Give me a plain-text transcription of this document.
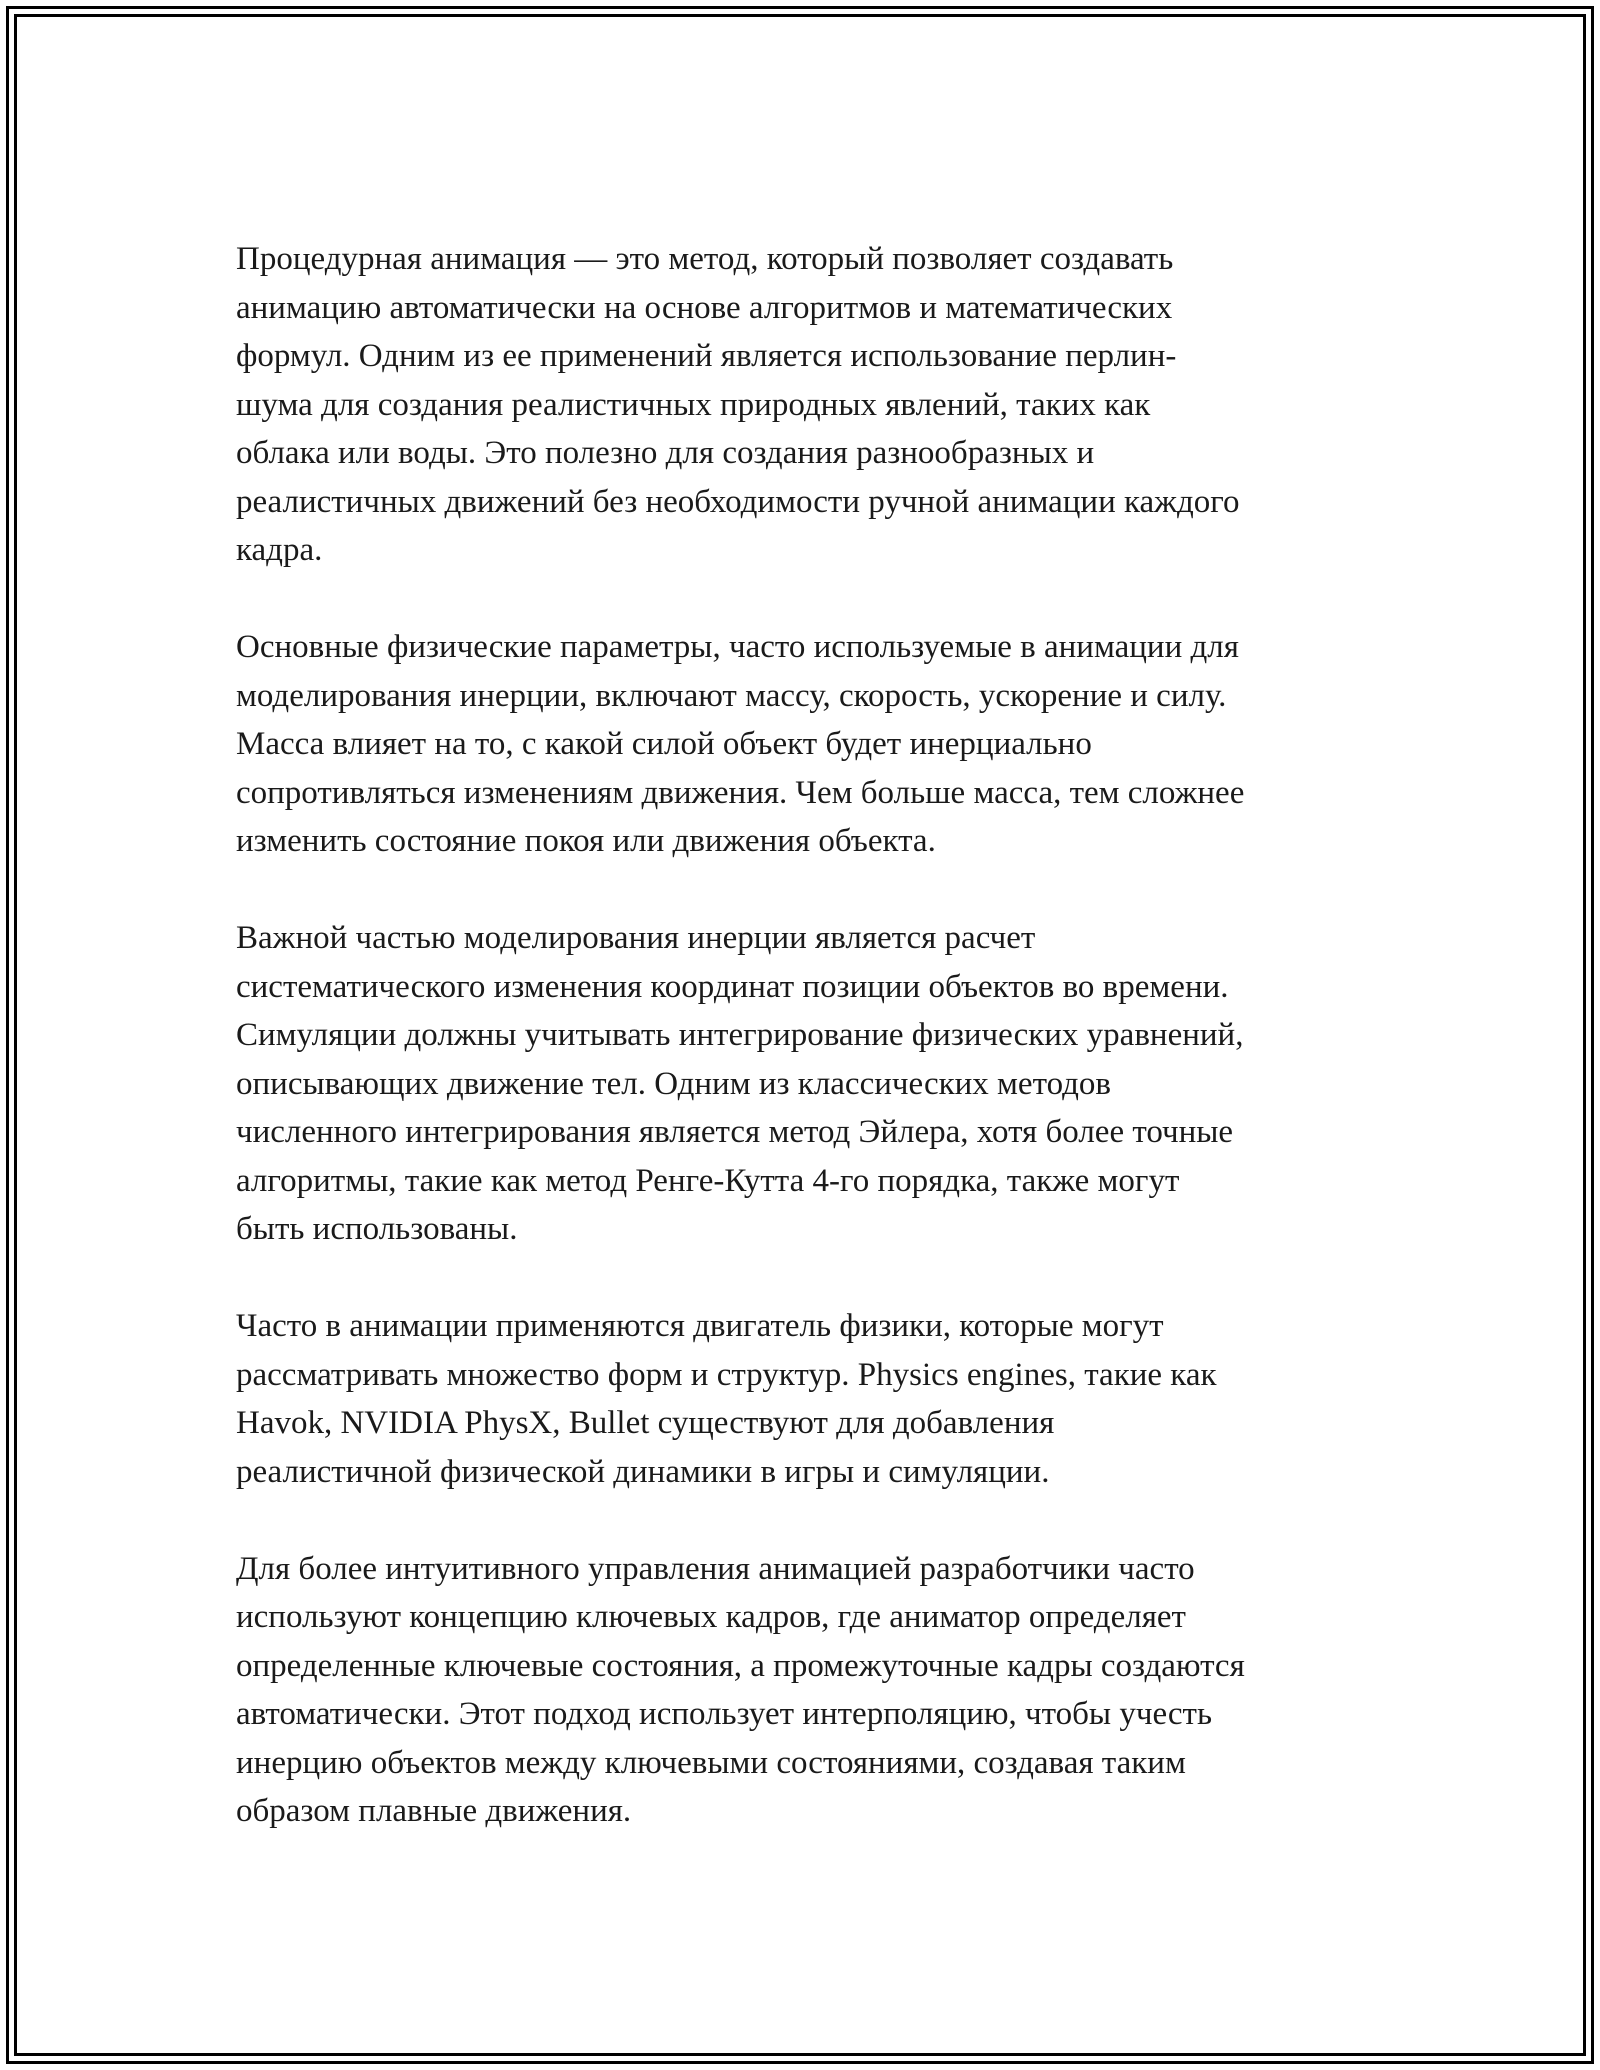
Процедурная анимация — это метод, который позволяет создавать
анимацию автоматически на основе алгоритмов и математических
формул. Одним из ее применений является использование перлин-
шума для создания реалистичных природных явлений, таких как
облака или воды. Это полезно для создания разнообразных и
реалистичных движений без необходимости ручной анимации каждого
кадра.

Основные физические параметры, часто используемые в анимации для
моделирования инерции, включают массу, скорость, ускорение и силу.
Масса влияет на то, с какой силой объект будет инерциально
сопротивляться изменениям движения. Чем больше масса, тем сложнее
изменить состояние покоя или движения объекта.

Важной частью моделирования инерции является расчет
систематического изменения координат позиции объектов во времени.
Симуляции должны учитывать интегрирование физических уравнений,
описывающих движение тел. Одним из классических методов
численного интегрирования является метод Эйлера, хотя более точные
алгоритмы, такие как метод Ренге-Кутта 4-го порядка, также могут
быть использованы.

Часто в анимации применяются двигатель физики, которые могут
рассматривать множество форм и структур. Physics engines, такие как
Havok, NVIDIA PhysX, Bullet существуют для добавления
реалистичной физической динамики в игры и симуляции.

Для более интуитивного управления анимацией разработчики часто
используют концепцию ключевых кадров, где аниматор определяет
определенные ключевые состояния, а промежуточные кадры создаются
автоматически. Этот подход использует интерполяцию, чтобы учесть
инерцию объектов между ключевыми состояниями, создавая таким
образом плавные движения.
